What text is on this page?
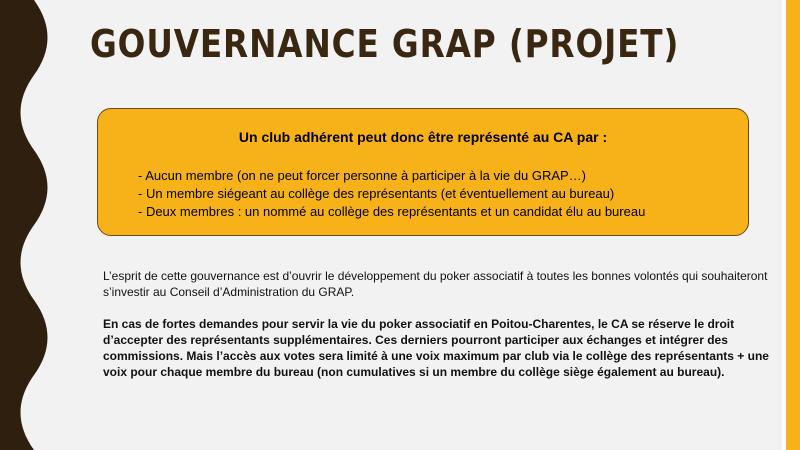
GOUVERNANCE GRAP (PROJET)
Un club adhérent peut donc être représenté au CA par :
- Aucun membre (on ne peut forcer personne à participer à la vie du GRAP…)
- Un membre siégeant au collège des représentants (et éventuellement au bureau)
- Deux membres : un nommé au collège des représentants et un candidat élu au bureau

L’esprit de cette gouvernance est d’ouvrir le développement du poker associatif à toutes les bonnes volontés qui souhaiteront s’investir au Conseil d’Administration du GRAP.

En cas de fortes demandes pour servir la vie du poker associatif en Poitou-Charentes, le CA se réserve le droit d’accepter des représentants supplémentaires. Ces derniers pourront participer aux échanges et intégrer des commissions. Mais l’accès aux votes sera limité à une voix maximum par club via le collège des représentants + une voix pour chaque membre du bureau (non cumulatives si un membre du collège siège également au bureau).
